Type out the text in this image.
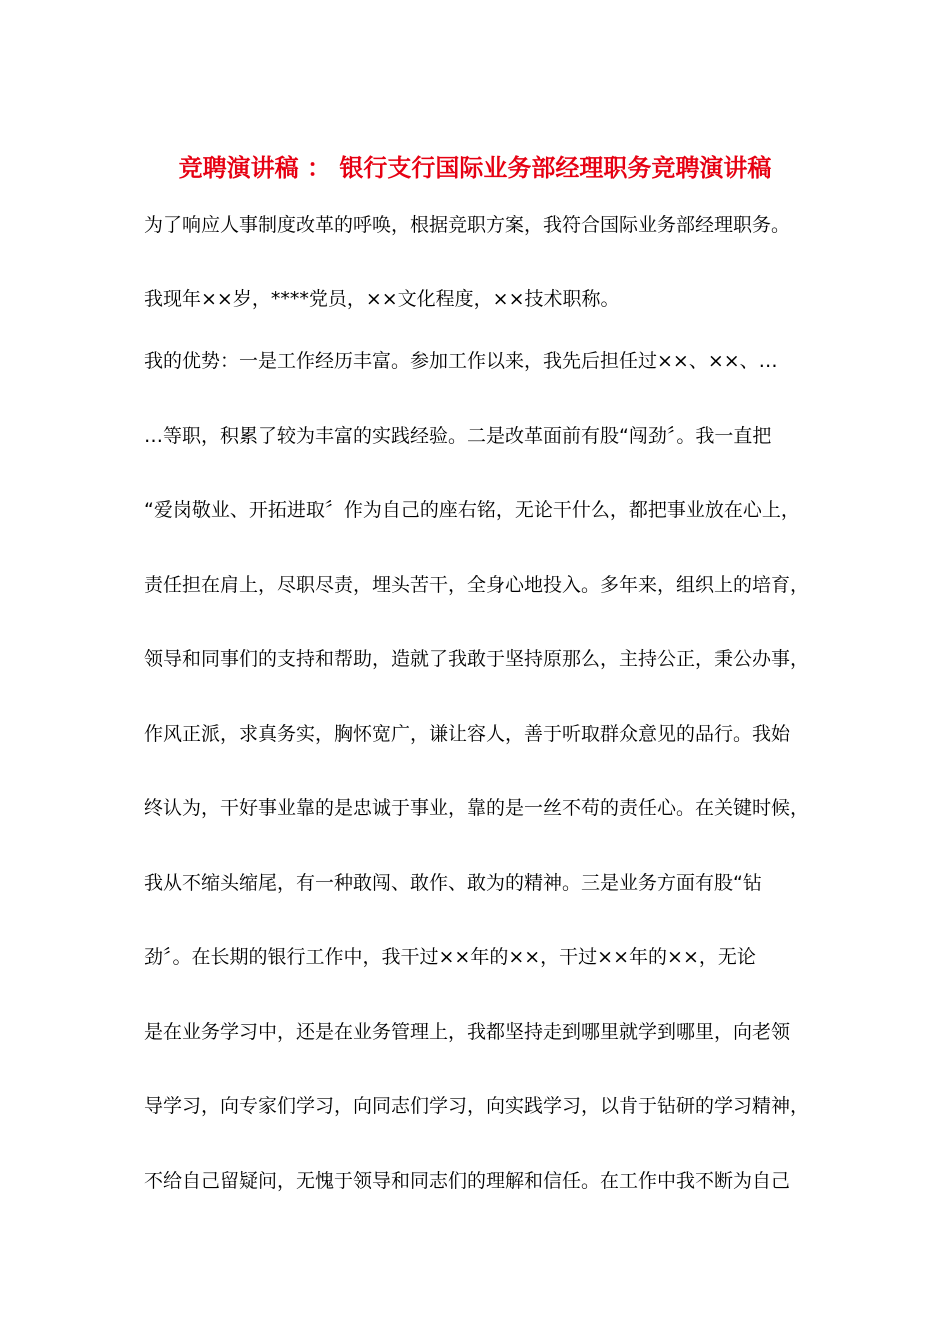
竞聘演讲稿 ： 银行支行国际业务部经理职务竞聘演讲稿

为了响应人事制度改革的呼唤，根据竞职方案，我符合国际业务部经理职务。

我现年××岁，****党员，××文化程度，××技术职称。

我的优势：一是工作经历丰富。参加工作以来，我先后担任过××、××、…

…等职，积累了较为丰富的实践经验。二是改革面前有股“闯劲〞。我一直把

“爱岗敬业、开拓进取〞作为自己的座右铭，无论干什么，都把事业放在心上，

责任担在肩上，尽职尽责，埋头苦干，全身心地投入。多年来，组织上的培育，

领导和同事们的支持和帮助，造就了我敢于坚持原那么，主持公正，秉公办事，

作风正派，求真务实，胸怀宽广，谦让容人，善于听取群众意见的品行。我始

终认为，干好事业靠的是忠诚于事业，靠的是一丝不苟的责任心。在关键时候，

我从不缩头缩尾，有一种敢闯、敢作、敢为的精神。三是业务方面有股“钻

劲〞。在长期的银行工作中，我干过××年的××，干过××年的××，无论

是在业务学习中，还是在业务管理上，我都坚持走到哪里就学到哪里，向老领

导学习，向专家们学习，向同志们学习，向实践学习，以肯于钻研的学习精神，

不给自己留疑问，无愧于领导和同志们的理解和信任。在工作中我不断为自己
